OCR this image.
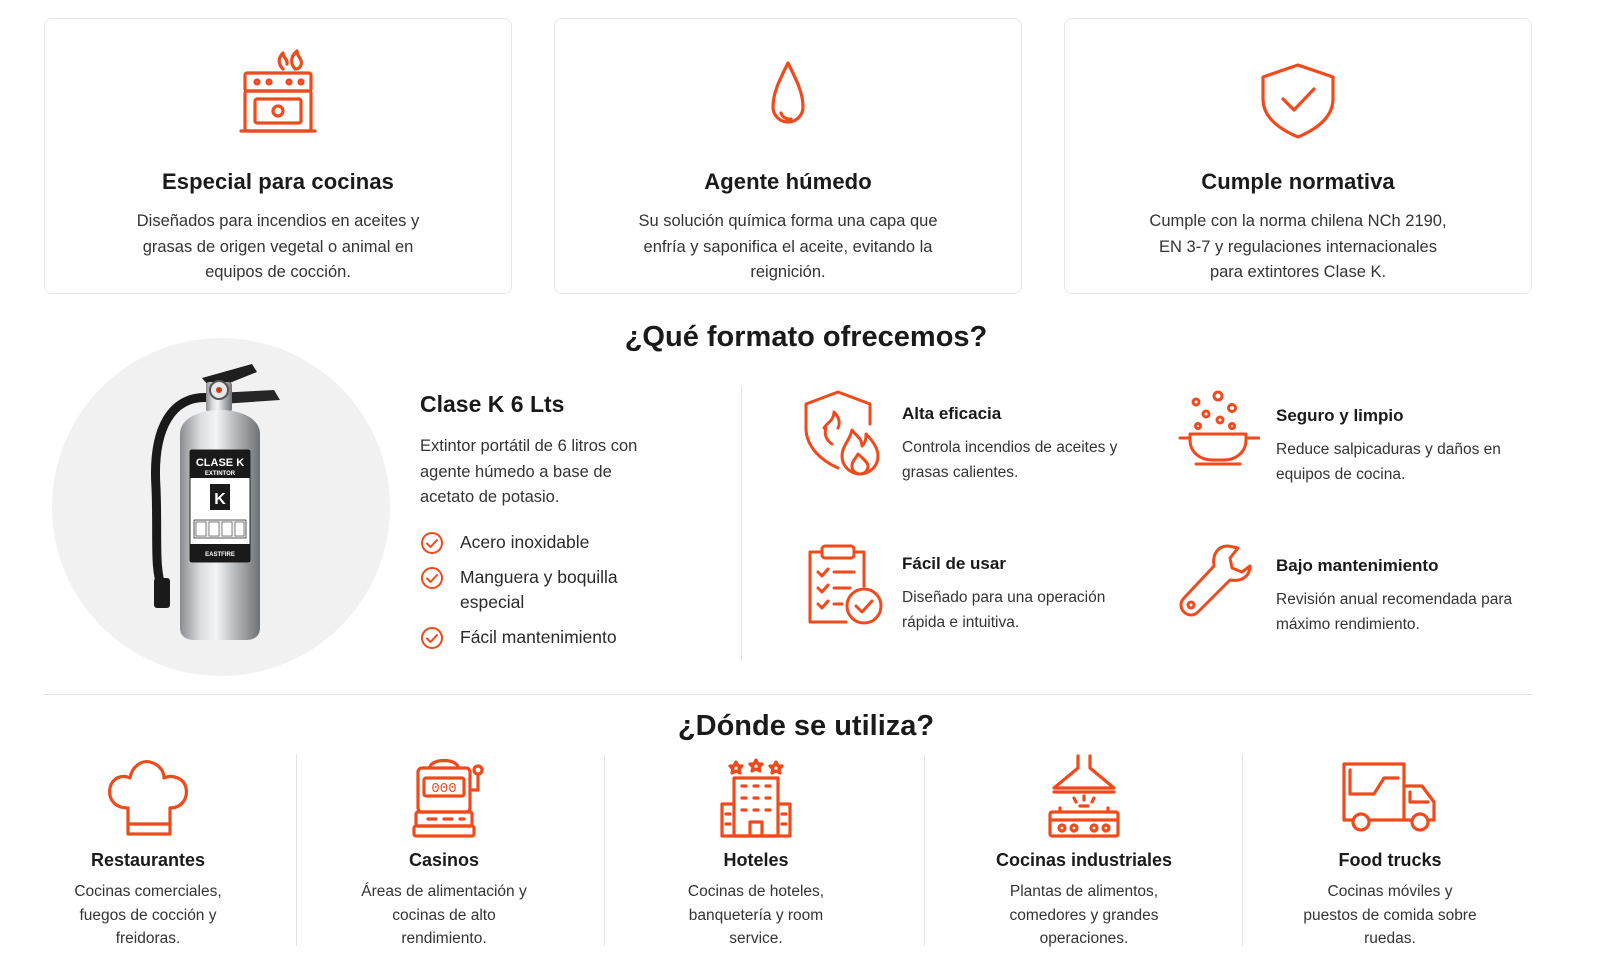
Especial para cocinas

Diseñados para incendios en aceites y grasas de origen vegetal o animal en equipos de cocción.

Agente húmedo

Su solución química forma una capa que enfría y saponifica el aceite, evitando la reignición.

Cumple normativa

Cumple con la norma chilena NCh 2190, EN 3-7 y regulaciones internacionales para extintores Clase K.

¿Qué formato ofrecemos?
CLASE K
EXTINTOR
K
EASTFIRE
Clase K 6 Lts
Extintor portátil de 6 litros con agente húmedo a base de acetato de potasio.
Acero inoxidable
Manguera y boquilla especial
Fácil mantenimiento
Alta eficacia

Controla incendios de aceites y grasas calientes.

Seguro y limpio

Reduce salpicaduras y daños en equipos de cocina.

Fácil de usar

Diseñado para una operación rápida e intuitiva.

Bajo mantenimiento

Revisión anual recomendada para máximo rendimiento.

¿Dónde se utiliza?
Restaurantes

Cocinas comerciales, fuegos de cocción y freidoras.

000
Casinos

Áreas de alimentación y cocinas de alto rendimiento.

Hoteles

Cocinas de hoteles, banquetería y room service.

Cocinas industriales

Plantas de alimentos, comedores y grandes operaciones.

Food trucks

Cocinas móviles y puestos de comida sobre ruedas.
